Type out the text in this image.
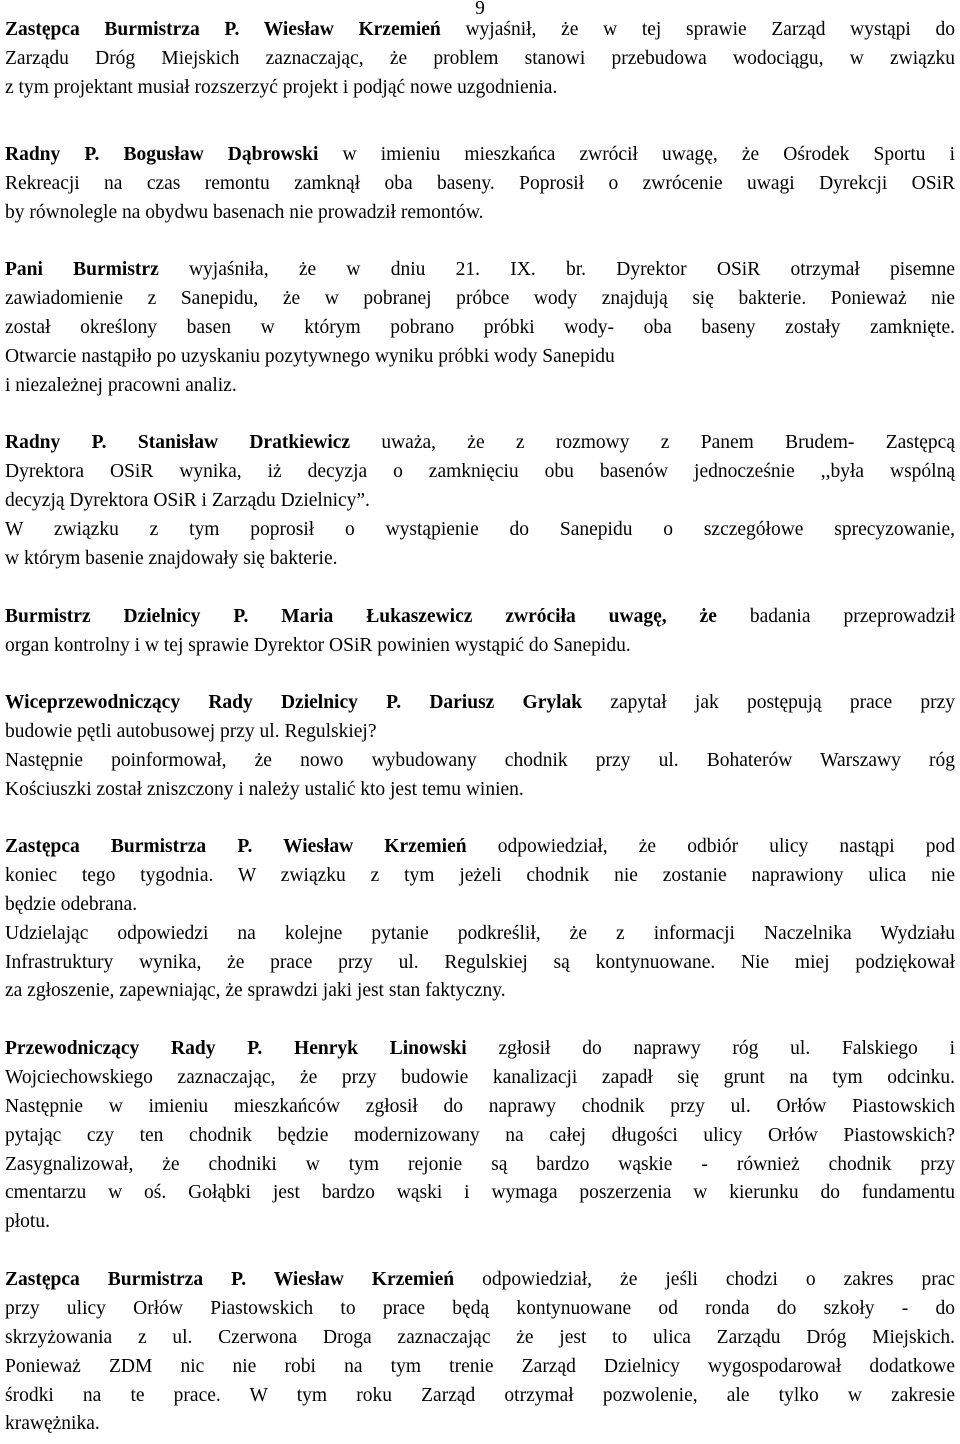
9
Zastępca Burmistrza P. Wiesław Krzemień wyjaśnił, że w tej sprawie Zarząd wystąpi do
Zarządu Dróg Miejskich zaznaczając, że problem stanowi przebudowa wodociągu, w związku
z tym projektant musiał rozszerzyć projekt i podjąć nowe uzgodnienia.
Radny P. Bogusław Dąbrowski w imieniu mieszkańca zwrócił uwagę, że Ośrodek Sportu i
Rekreacji na czas remontu zamknął oba baseny. Poprosił o zwrócenie uwagi Dyrekcji OSiR
by równolegle na obydwu basenach nie prowadził remontów.
Pani Burmistrz wyjaśniła, że w dniu 21. IX. br. Dyrektor OSiR otrzymał pisemne
zawiadomienie z Sanepidu, że w pobranej próbce wody znajdują się bakterie. Ponieważ nie
został określony basen w którym pobrano próbki wody- oba baseny zostały zamknięte.
Otwarcie nastąpiło po uzyskaniu pozytywnego wyniku próbki wody Sanepidu
i niezależnej pracowni analiz.
Radny P. Stanisław Dratkiewicz uważa, że z rozmowy z Panem Brudem- Zastępcą
Dyrektora OSiR wynika, iż decyzja o zamknięciu obu basenów jednocześnie ,,była wspólną
decyzją Dyrektora OSiR i Zarządu Dzielnicy”.
W związku z tym poprosił o wystąpienie do Sanepidu o szczegółowe sprecyzowanie,
w którym basenie znajdowały się bakterie.
Burmistrz Dzielnicy P. Maria Łukaszewicz zwróciła uwagę, że badania przeprowadził
organ kontrolny i w tej sprawie Dyrektor OSiR powinien wystąpić do Sanepidu.
Wiceprzewodniczący Rady Dzielnicy P. Dariusz Grylak zapytał jak postępują prace przy
budowie pętli autobusowej przy ul. Regulskiej?
Następnie poinformował, że nowo wybudowany chodnik przy ul. Bohaterów Warszawy róg
Kościuszki został zniszczony i należy ustalić kto jest temu winien.
Zastępca Burmistrza P. Wiesław Krzemień odpowiedział, że odbiór ulicy nastąpi pod
koniec tego tygodnia. W związku z tym jeżeli chodnik nie zostanie naprawiony ulica nie
będzie odebrana.
Udzielając odpowiedzi na kolejne pytanie podkreślił, że z informacji Naczelnika Wydziału
Infrastruktury wynika, że prace przy ul. Regulskiej są kontynuowane. Nie miej podziękował
za zgłoszenie, zapewniając, że sprawdzi jaki jest stan faktyczny.
Przewodniczący Rady P. Henryk Linowski zgłosił do naprawy róg ul. Falskiego i
Wojciechowskiego zaznaczając, że przy budowie kanalizacji zapadł się grunt na tym odcinku.
Następnie w imieniu mieszkańców zgłosił do naprawy chodnik przy ul. Orłów Piastowskich
pytając czy ten chodnik będzie modernizowany na całej długości ulicy Orłów Piastowskich?
Zasygnalizował, że chodniki w tym rejonie są bardzo wąskie - również chodnik przy
cmentarzu w oś. Gołąbki jest bardzo wąski i wymaga poszerzenia w kierunku do fundamentu
płotu.
Zastępca Burmistrza P. Wiesław Krzemień odpowiedział, że jeśli chodzi o zakres prac
przy ulicy Orłów Piastowskich to prace będą kontynuowane od ronda do szkoły - do
skrzyżowania z ul. Czerwona Droga zaznaczając że jest to ulica Zarządu Dróg Miejskich.
Ponieważ ZDM nic nie robi na tym trenie Zarząd Dzielnicy wygospodarował dodatkowe
środki na te prace. W tym roku Zarząd otrzymał pozwolenie, ale tylko w zakresie
krawężnika.
